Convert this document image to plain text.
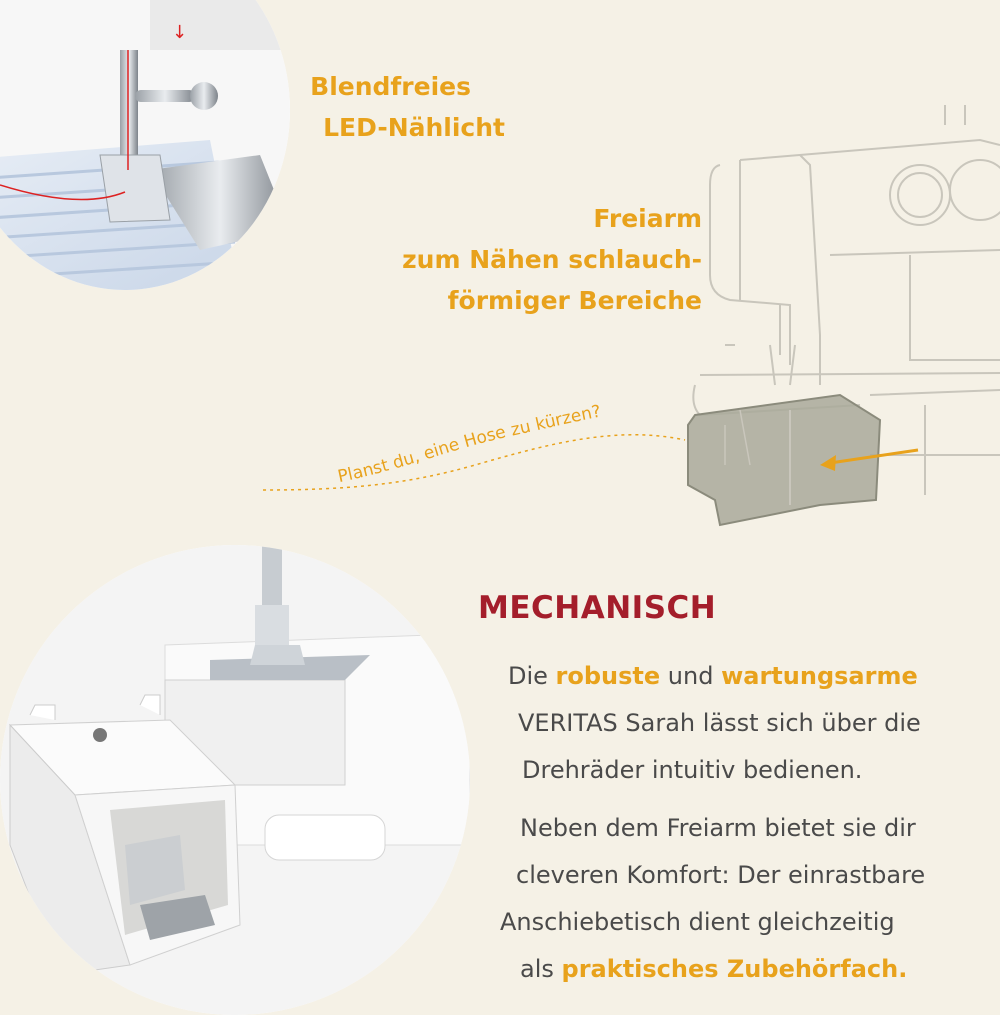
↓
Blendfreies
LED-Nählicht
Freiarm
zum Nähen schlauch-
förmiger Bereiche
Planst du, eine Hose zu kürzen?
MECHANISCH
Die robuste und wartungsarme
VERITAS Sarah lässt sich über die
Drehräder intuitiv bedienen.
Neben dem Freiarm bietet sie dir
cleveren Komfort: Der einrastbare
Anschiebetisch dient gleichzeitig
als praktisches Zubehörfach.
